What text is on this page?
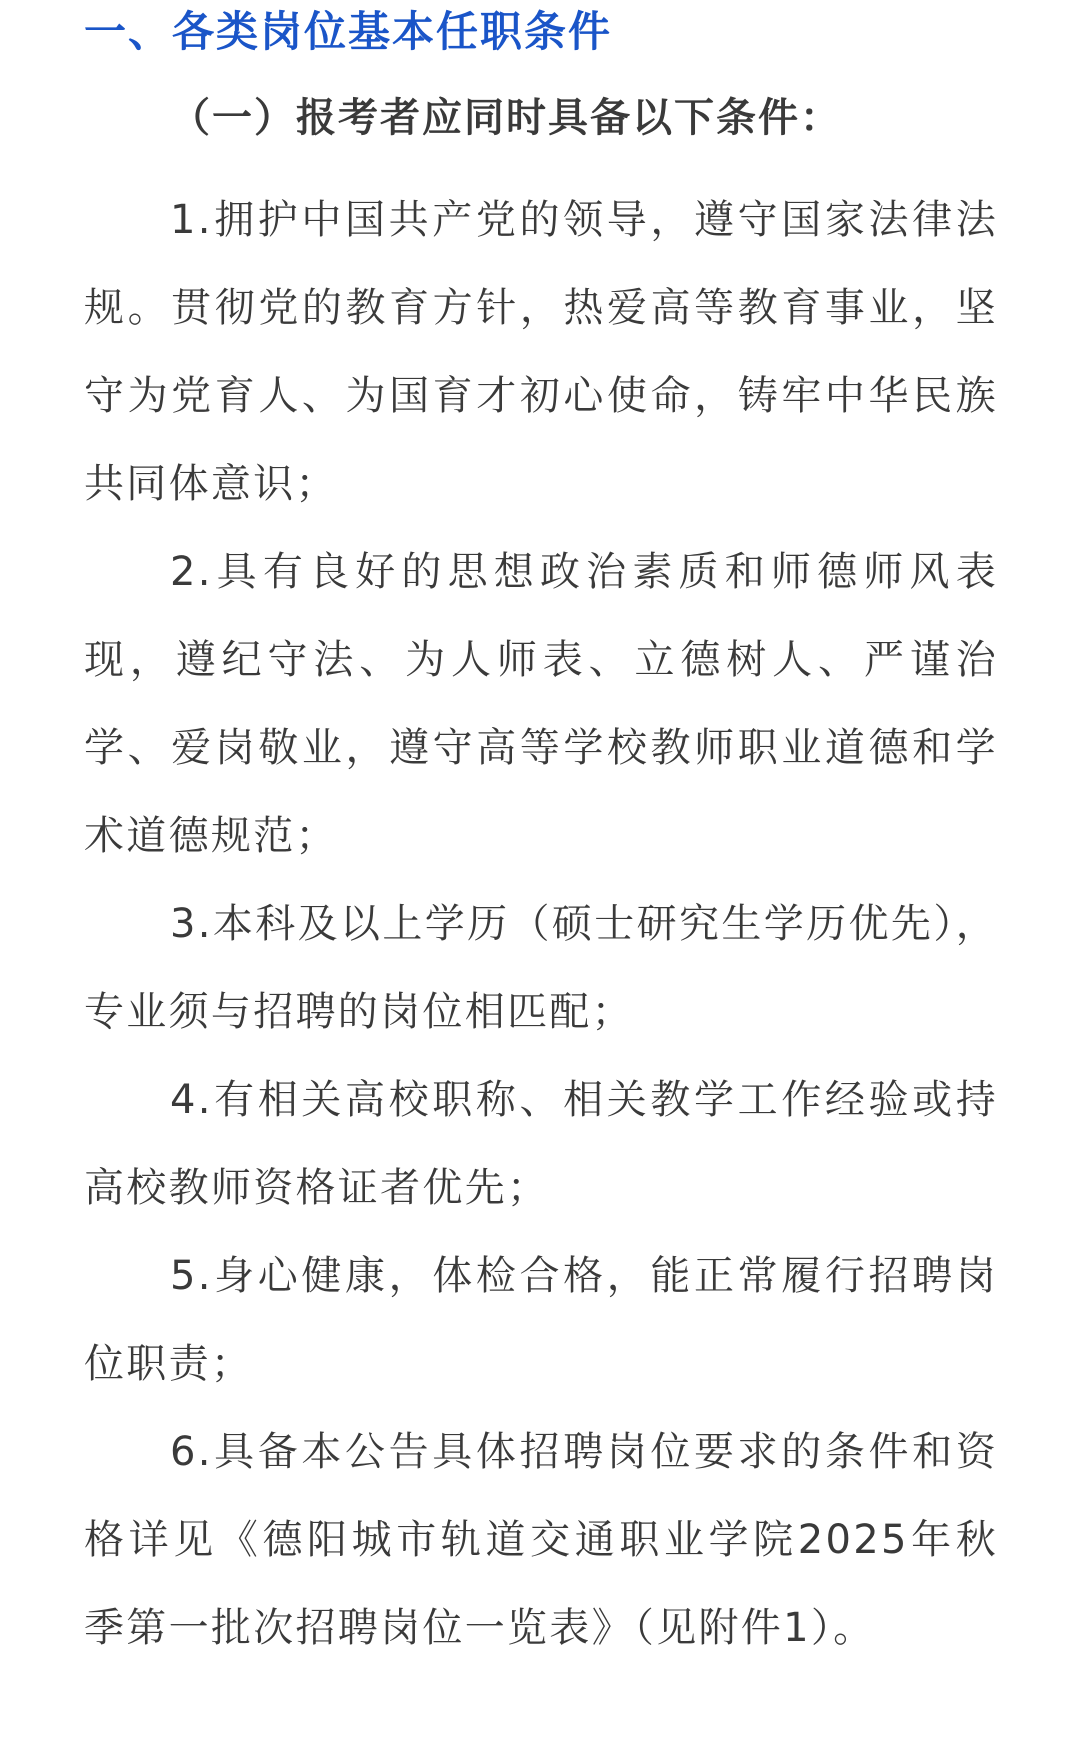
一、各类岗位基本任职条件
（一）报考者应同时具备以下条件：
1.拥护中国共产党的领导，遵守国家法律法规。贯彻党的教育方针，热爱高等教育事业，坚守为党育人、为国育才初心使命，铸牢中华民族共同体意识；
2.具有良好的思想政治素质和师德师风表现，遵纪守法、为人师表、立德树人、严谨治学、爱岗敬业，遵守高等学校教师职业道德和学术道德规范；
3.本科及以上学历（硕士研究生学历优先），专业须与招聘的岗位相匹配；
4.有相关高校职称、相关教学工作经验或持高校教师资格证者优先；
5.身心健康，体检合格，能正常履行招聘岗位职责；
6.具备本公告具体招聘岗位要求的条件和资格详见《德阳城市轨道交通职业学院2025年秋季第一批次招聘岗位一览表》（见附件1）。
